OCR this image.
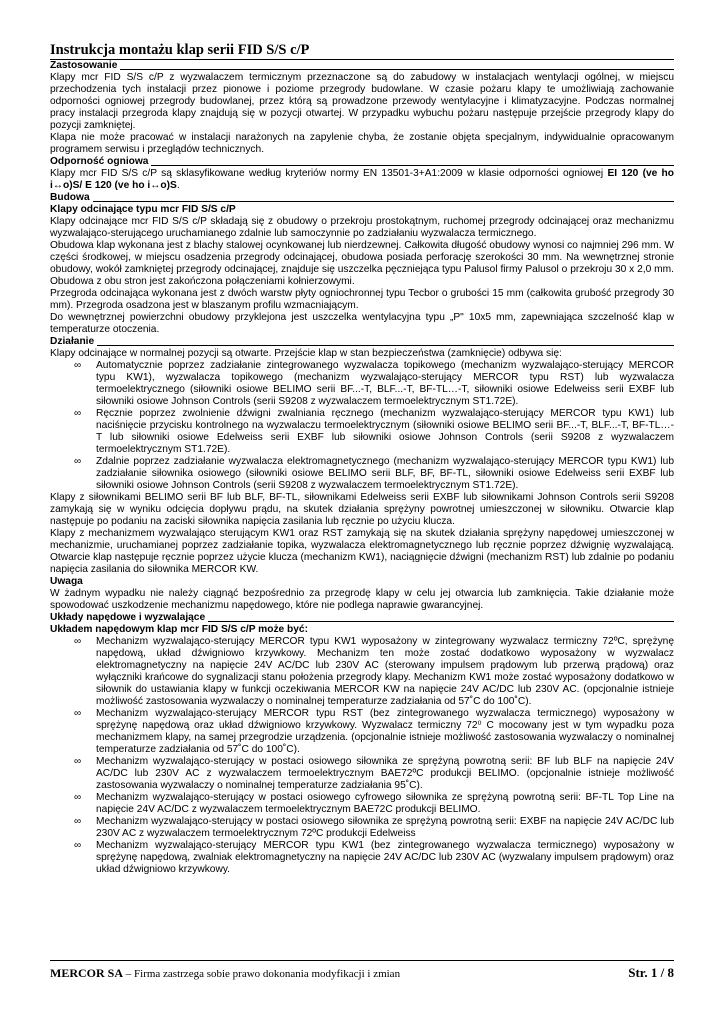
Instrukcja montażu klap serii FID S/S c/P
Zastosowanie

Klapy mcr FID S/S c/P z wyzwalaczem termicznym przeznaczone są do zabudowy w instalacjach wentylacji ogólnej, w miejscu przechodzenia tych instalacji przez pionowe i poziome przegrody budowlane. W czasie pożaru klapy te umożliwiają zachowanie odporności ogniowej przegrody budowlanej, przez którą są prowadzone przewody wentylacyjne i klimatyzacyjne. Podczas normalnej pracy instalacji przegroda klapy znajdują się w pozycji otwartej. W przypadku wybuchu pożaru następuje przejście przegrody klapy do pozycji zamkniętej.

Klapa nie może pracować w instalacji narażonych na zapylenie chyba, że zostanie objęta specjalnym, indywidualnie opracowanym programem serwisu i przeglądów technicznych.

Odporność ogniowa

Klapy mcr FID S/S c/P są sklasyfikowane według kryteriów normy EN 13501-3+A1:2009 w klasie odporności ogniowej EI 120 (ve ho i↔o)S/ E 120 (ve ho i↔o)S.

Budowa
Klapy odcinające typu mcr FID S/S c/P

Klapy odcinające mcr FID S/S c/P składają się z obudowy o przekroju prostokątnym, ruchomej przegrody odcinającej oraz mechanizmu wyzwalająco-sterującego uruchamianego zdalnie lub samoczynnie po zadziałaniu wyzwalacza termicznego.

Obudowa klap wykonana jest z blachy stalowej ocynkowanej lub nierdzewnej. Całkowita długość obudowy wynosi co najmniej 296 mm. W części środkowej, w miejscu osadzenia przegrody odcinającej, obudowa posiada perforację szerokości 30 mm. Na wewnętrznej stronie obudowy, wokół zamkniętej przegrody odcinającej, znajduje się uszczelka pęczniejąca typu Palusol firmy Palusol o przekroju 30 x 2,0 mm. Obudowa z obu stron jest zakończona połączeniami kołnierzowymi.

Przegroda odcinająca wykonana jest z dwóch warstw płyty ogniochronnej typu Tecbor o grubości 15 mm (całkowita grubość przegrody 30 mm). Przegroda osadzona jest w blaszanym profilu wzmacniającym.

Do wewnętrznej powierzchni obudowy przyklejona jest uszczelka wentylacyjna typu „P" 10x5 mm, zapewniająca szczelność klap w temperaturze otoczenia.

Działanie

Klapy odcinające w normalnej pozycji są otwarte. Przejście klap w stan bezpieczeństwa (zamknięcie) odbywa się:

∞ Automatycznie poprzez zadziałanie zintegrowanego wyzwalacza topikowego (mechanizm wyzwalająco-sterujący MERCOR typu KW1), wyzwalacza topikowego (mechanizm wyzwalająco-sterujący MERCOR typu RST) lub wyzwalacza termoelektrycznego (siłowniki osiowe BELIMO serii BF...-T, BLF...-T, BF-TL…-T, siłowniki osiowe Edelweiss serii EXBF lub siłowniki osiowe Johnson Controls (serii S9208 z wyzwalaczem termoelektrycznym ST1.72E).
∞ Ręcznie poprzez zwolnienie dźwigni zwalniania ręcznego (mechanizm wyzwalająco-sterujący MERCOR typu KW1) lub naciśnięcie przycisku kontrolnego na wyzwalaczu termoelektrycznym (siłowniki osiowe BELIMO serii BF...-T, BLF...-T, BF-TL…-T lub siłowniki osiowe Edelweiss serii EXBF lub siłowniki osiowe Johnson Controls (serii S9208 z wyzwalaczem termoelektrycznym ST1.72E).
∞ Zdalnie poprzez zadziałanie wyzwalacza elektromagnetycznego (mechanizm wyzwalająco-sterujący MERCOR typu KW1) lub zadziałanie siłownika osiowego (siłowniki osiowe BELIMO serii BLF, BF, BF-TL, siłowniki osiowe Edelweiss serii EXBF lub siłowniki osiowe Johnson Controls (serii S9208 z wyzwalaczem termoelektrycznym ST1.72E).

Klapy z siłownikami BELIMO serii BF lub BLF, BF-TL, siłownikami Edelweiss serii EXBF lub siłownikami Johnson Controls serii S9208 zamykają się w wyniku odcięcia dopływu prądu, na skutek działania sprężyny powrotnej umieszczonej w siłowniku. Otwarcie klap następuje po podaniu na zaciski siłownika napięcia zasilania lub ręcznie po użyciu klucza.

Klapy z mechanizmem wyzwalająco sterującym KW1 oraz RST zamykają się na skutek działania sprężyny napędowej umieszczonej w mechanizmie, uruchamianej poprzez zadziałanie topika, wyzwalacza elektromagnetycznego lub ręcznie poprzez dźwignię wyzwalającą. Otwarcie klap następuje ręcznie poprzez użycie klucza (mechanizm KW1), naciągnięcie dźwigni (mechanizm RST) lub zdalnie po podaniu napięcia zasilania do siłownika MERCOR KW.

Uwaga

W żadnym wypadku nie należy ciągnąć bezpośrednio za przegrodę klapy w celu jej otwarcia lub zamknięcia. Takie działanie może spowodować uszkodzenie mechanizmu napędowego, które nie podlega naprawie gwarancyjnej.

Układy napędowe i wyzwalające
Układem napędowym klap mcr FID S/S c/P może być:
∞ Mechanizm wyzwalająco-sterujący MERCOR typu KW1 wyposażony w zintegrowany wyzwalacz termiczny 72ºC, sprężynę napędową, układ dźwigniowo krzywkowy. Mechanizm ten może zostać dodatkowo wyposażony w wyzwalacz elektromagnetyczny na napięcie 24V AC/DC lub 230V AC (sterowany impulsem prądowym lub przerwą prądową) oraz wyłączniki krańcowe do sygnalizacji stanu położenia przegrody klapy. Mechanizm KW1 może zostać wyposażony dodatkowo w siłownik do ustawiania klapy w funkcji oczekiwania MERCOR KW na napięcie 24V AC/DC lub 230V AC. (opcjonalnie istnieje możliwość zastosowania wyzwalaczy o nominalnej temperaturze zadziałania od 57˚C do 100˚C).
∞ Mechanizm wyzwalająco-sterujący MERCOR typu RST (bez zintegrowanego wyzwalacza termicznego) wyposażony w sprężynę napędową oraz układ dźwigniowo krzywkowy. Wyzwalacz termiczny 72⁰ C mocowany jest w tym wypadku poza mechanizmem klapy, na samej przegrodzie urządzenia. (opcjonalnie istnieje możliwość zastosowania wyzwalaczy o nominalnej temperaturze zadziałania od 57˚C do 100˚C).
∞ Mechanizm wyzwalająco-sterujący w postaci osiowego siłownika ze sprężyną powrotną serii: BF lub BLF na napięcie 24V AC/DC lub 230V AC z wyzwalaczem termoelektrycznym BAE72ºC produkcji BELIMO. (opcjonalnie istnieje możliwość zastosowania wyzwalaczy o nominalnej temperaturze zadziałania 95˚C).
∞ Mechanizm wyzwalająco-sterujący w postaci osiowego cyfrowego siłownika ze sprężyną powrotną serii: BF-TL Top Line na napięcie 24V AC/DC z wyzwalaczem termoelektrycznym BAE72C produkcji BELIMO.
∞ Mechanizm wyzwalająco-sterujący w postaci osiowego siłownika ze sprężyną powrotną serii: EXBF na napięcie 24V AC/DC lub 230V AC z wyzwalaczem termoelektrycznym 72ºC produkcji Edelweiss
∞ Mechanizm wyzwalająco-sterujący MERCOR typu KW1 (bez zintegrowanego wyzwalacza termicznego) wyposażony w sprężynę napędową, zwalniak elektromagnetyczny na napięcie 24V AC/DC lub 230V AC (wyzwalany impulsem prądowym) oraz układ dźwigniowo krzywkowy.
MERCOR SA – Firma zastrzega sobie prawo dokonania modyfikacji i zmian	Str. 1 / 8
